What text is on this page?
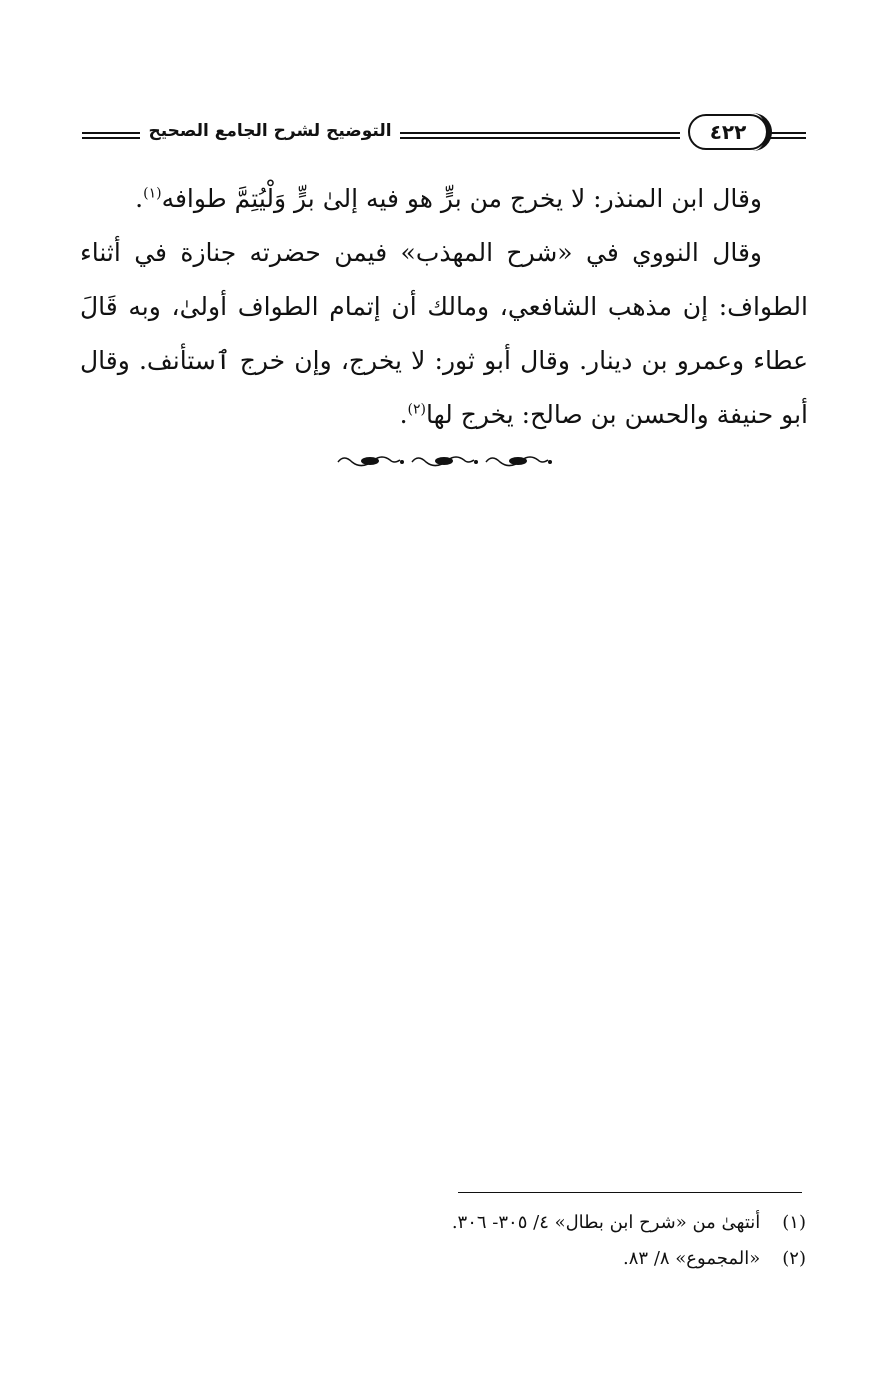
التوضيح لشرح الجامع الصحيح	٤٢٢

وقال ابن المنذر: لا يخرج من برٍّ هو فيه إلىٰ برٍّ وَلْيُتِمَّ طوافه$^{(١)}$.

وقال النووي في «شرح المهذب» فيمن حضرته جنازة في أثناء الطواف: إن مذهب الشافعي، ومالك أن إتمام الطواف أولىٰ، وبه قَالَ عطاء وعمرو بن دينار. وقال أبو ثور: لا يخرج، وإن خرج ٱستأنف. وقال أبو حنيفة والحسن بن صالح: يخرج لها$^{(٢)}$.

(١) أنتهىٰ من «شرح ابن بطال» ٤/ ٣٠٥- ٣٠٦.
(٢) «المجموع» ٨/ ٨٣.
